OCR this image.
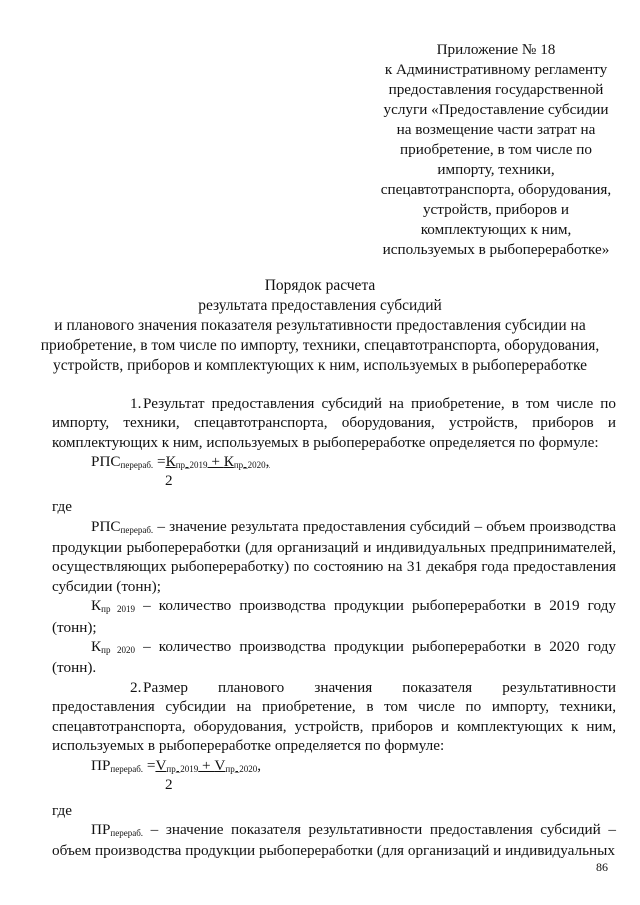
Приложение № 18
к Административному регламенту
предоставления государственной
услуги «Предоставление субсидии
на возмещение части затрат на
приобретение, в том числе по
импорту, техники,
спецавтотранспорта, оборудования,
устройств, приборов и
комплектующих к ним,
используемых в рыбопереработке»
Порядок расчета
результата предоставления субсидий
и планового значения показателя результативности предоставления субсидии на
приобретение, в том числе по импорту, техники, спецавтотранспорта, оборудования,
устройств, приборов и комплектующих к ним, используемых в рыбопереработке

1. Результат предоставления субсидий на приобретение, в том числе по импорту, техники, спецавтотранспорта, оборудования, устройств, приборов и комплектующих к ним, используемых в рыбопереработке определяется по формуле:

РПСперераб. =Кпр_2019 + Кпр_2020,
2

где

РПСперераб. – значение результата предоставления субсидий – объем производства продукции рыбопереработки (для организаций и индивидуальных предпринимателей, осуществляющих рыбопереработку) по состоянию на 31 декабря года предоставления субсидии (тонн);

Кпр 2019 – количество производства продукции рыбопереработки в 2019 году (тонн);

Кпр 2020 – количество производства продукции рыбопереработки в 2020 году (тонн).

2. Размер планового значения показателя результативности предоставления субсидии на приобретение, в том числе по импорту, техники, спецавтотранспорта, оборудования, устройств, приборов и комплектующих к ним, используемых в рыбопереработке определяется по формуле:

ПРперераб. =Vпр_2019 + Vпр_2020,
2

где

ПРперераб. – значение показателя результативности предоставления субсидий – объем производства продукции рыбопереработки (для организаций и индивидуальных

86
